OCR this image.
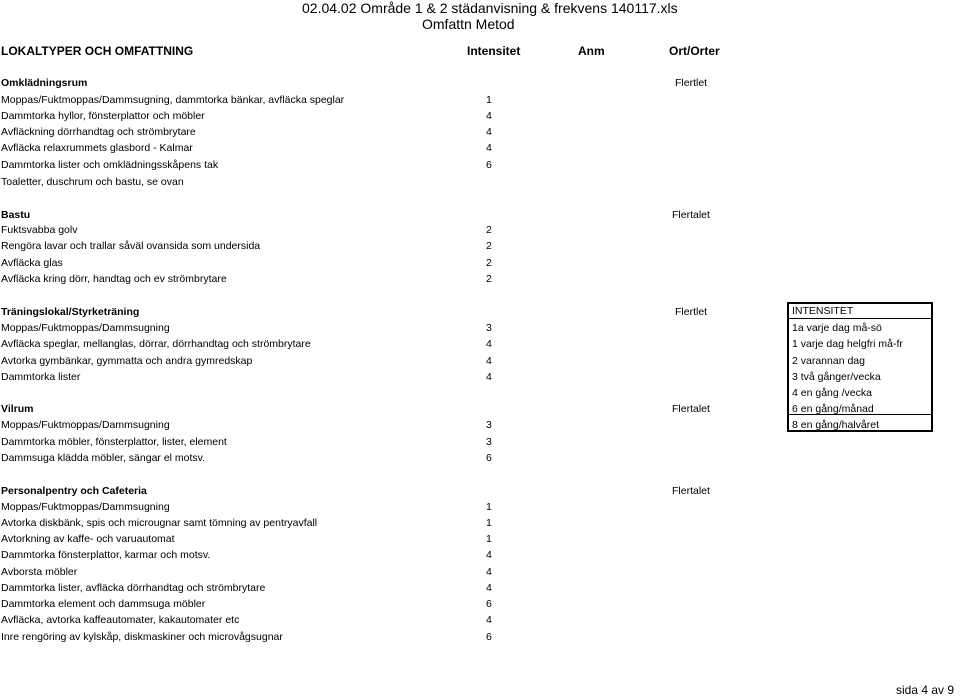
02.04.02 Område 1 & 2 städanvisning & frekvens 140117.xls
Omfattn Metod
LOKALTYPER OCH OMFATTNING	Intensitet	Anm	Ort/Orter
Omklädningsrum	Flertlet
Moppas/Fuktmoppas/Dammsugning, dammtorka bänkar, avfläcka speglar	1
Dammtorka hyllor, fönsterplattor och möbler	4
Avfläckning dörrhandtag och strömbrytare	4
Avfläcka relaxrummets glasbord - Kalmar	4
Dammtorka lister och omklädningsskåpens tak	6
Toaletter, duschrum och bastu, se ovan
Bastu	Flertalet
Fuktsvabba golv	2
Rengöra lavar och trallar såväl ovansida som undersida	2
Avfläcka glas	2
Avfläcka kring dörr, handtag och ev strömbrytare	2
Träningslokal/Styrketräning	Flertlet
Moppas/Fuktmoppas/Dammsugning	3
Avfläcka speglar, mellanglas, dörrar, dörrhandtag och strömbrytare	4
Avtorka gymbänkar, gymmatta och andra gymredskap	4
Dammtorka lister	4
Vilrum	Flertalet
Moppas/Fuktmoppas/Dammsugning	3
Dammtorka möbler, fönsterplattor, lister, element	3
Dammsuga klädda möbler, sängar el motsv.	6
Personalpentry och Cafeteria	Flertalet
Moppas/Fuktmoppas/Dammsugning	1
Avtorka diskbänk, spis och microugnar samt tömning av pentryavfall	1
Avtorkning av kaffe- och varuautomat	1
Dammtorka fönsterplattor, karmar och motsv.	4
Avborsta möbler	4
Dammtorka lister, avfläcka dörrhandtag och strömbrytare	4
Dammtorka element och dammsuga möbler	6
Avfläcka, avtorka kaffeautomater, kakautomater etc	4
Inre rengöring av kylskåp, diskmaskiner och microvågsugnar	6
INTENSITET
1a varje dag må-sö
1 varje dag helgfri må-fr
2 varannan dag
3 två gånger/vecka
4 en gång /vecka
6 en gång/månad
8 en gång/halvåret
sida 4 av 9
